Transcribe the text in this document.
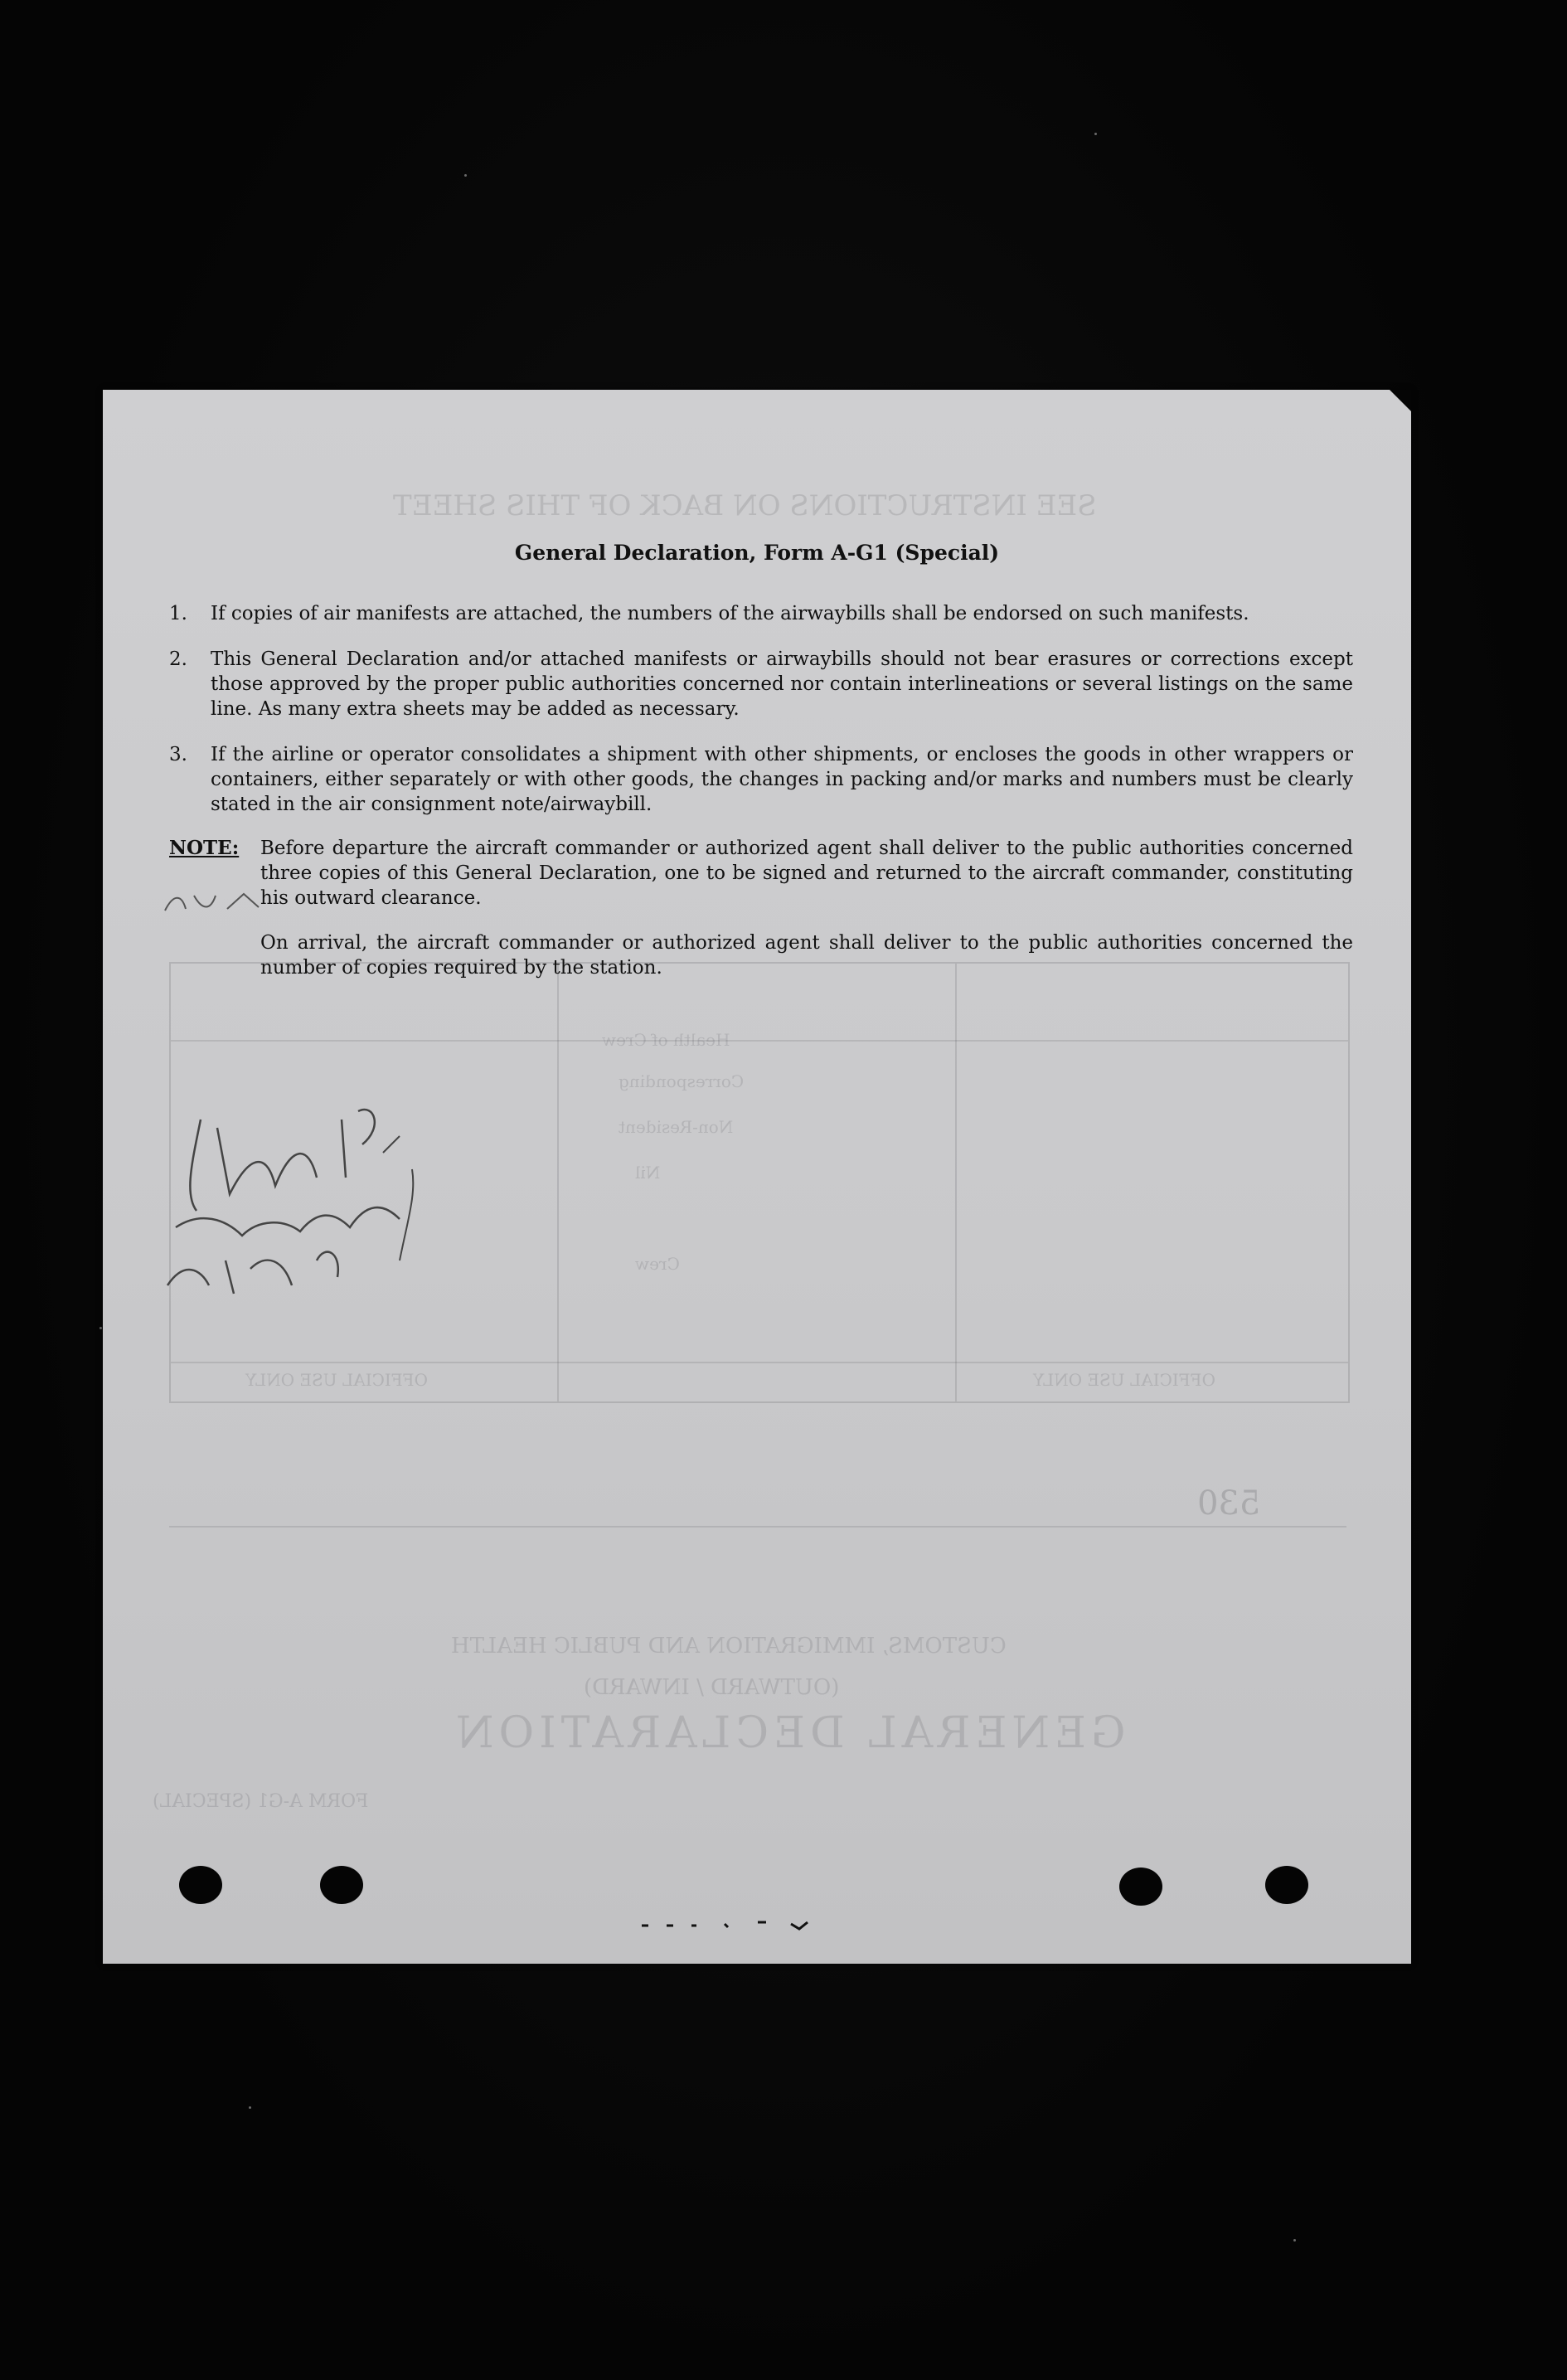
SEE INSTRUCTIONS ON BACK OF THIS SHEET
Health of Crew
Corresponding
Non-Resident
Nil
Crew
OFFICIAL USE ONLY	OFFICIAL USE ONLY
530
CUSTOMS, IMMIGRATION AND PUBLIC HEALTH
(OUTWARD / INWARD)
GENERAL DECLARATION
FORM A-G1 (SPECIAL)
General Declaration, Form A-G1 (Special)
1.	If copies of air manifests are attached, the numbers of the airwaybills shall be endorsed on such manifests.
2.	This General Declaration and/or attached manifests or airwaybills should not bear erasures or corrections except those approved by the proper public authorities concerned nor contain interlineations or several listings on the same line. As many extra sheets may be added as necessary.
3.	If the airline or operator consolidates a shipment with other shipments, or encloses the goods in other wrappers or containers, either separately or with other goods, the changes in packing and/or marks and numbers must be clearly stated in the air consignment note/airwaybill.
NOTE: Before departure the aircraft commander or authorized agent shall deliver to the public authorities concerned three copies of this General Declaration, one to be signed and returned to the aircraft commander, constituting his outward clearance.
On arrival, the aircraft commander or authorized agent shall deliver to the public authorities concerned the number of copies required by the station.
